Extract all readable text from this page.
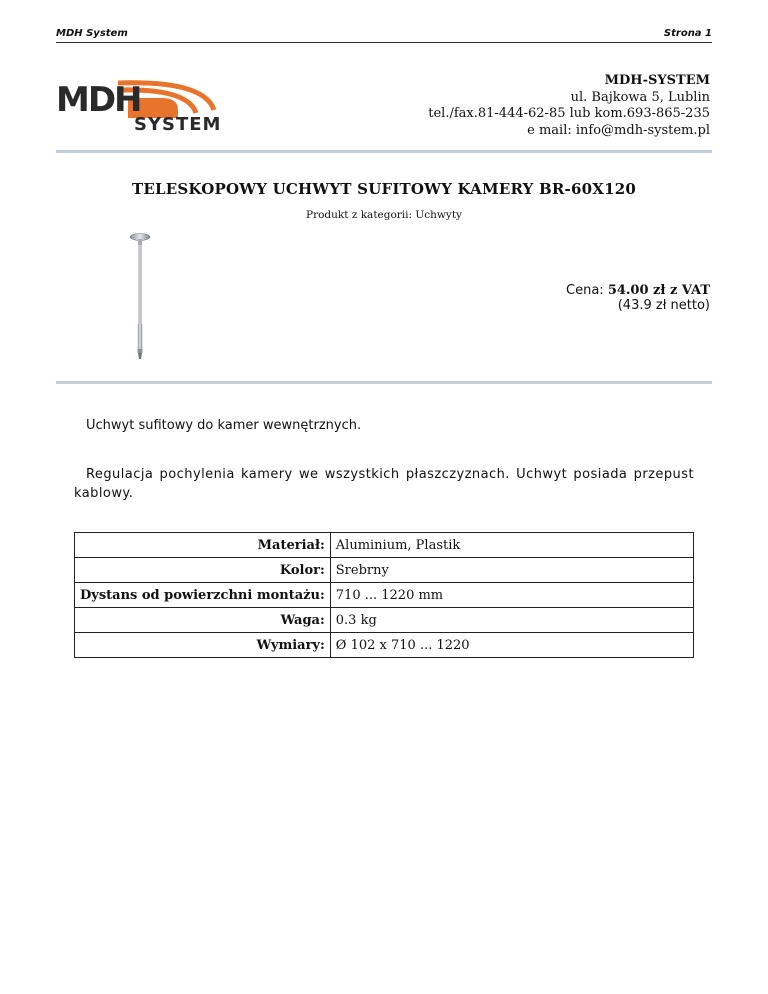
MDH System	Strona 1
MDH
SYSTEM
MDH-SYSTEM
ul. Bajkowa 5, Lublin
tel./fax.81-444-62-85 lub kom.693-865-235
e mail: info@mdh-system.pl
TELESKOPOWY UCHWYT SUFITOWY KAMERY BR-60X120
Produkt z kategorii: Uchwyty
Cena: 54.00 zł z VAT
(43.9 zł netto)
Uchwyt sufitowy do kamer wewnętrznych.
Regulacja pochylenia kamery we wszystkich płaszczyznach. Uchwyt posiada przepust kablowy.
Materiał:	Aluminium, Plastik
Kolor:	Srebrny
Dystans od powierzchni montażu:	710 ... 1220 mm
Waga:	0.3 kg
Wymiary:	Ø 102 x 710 ... 1220
